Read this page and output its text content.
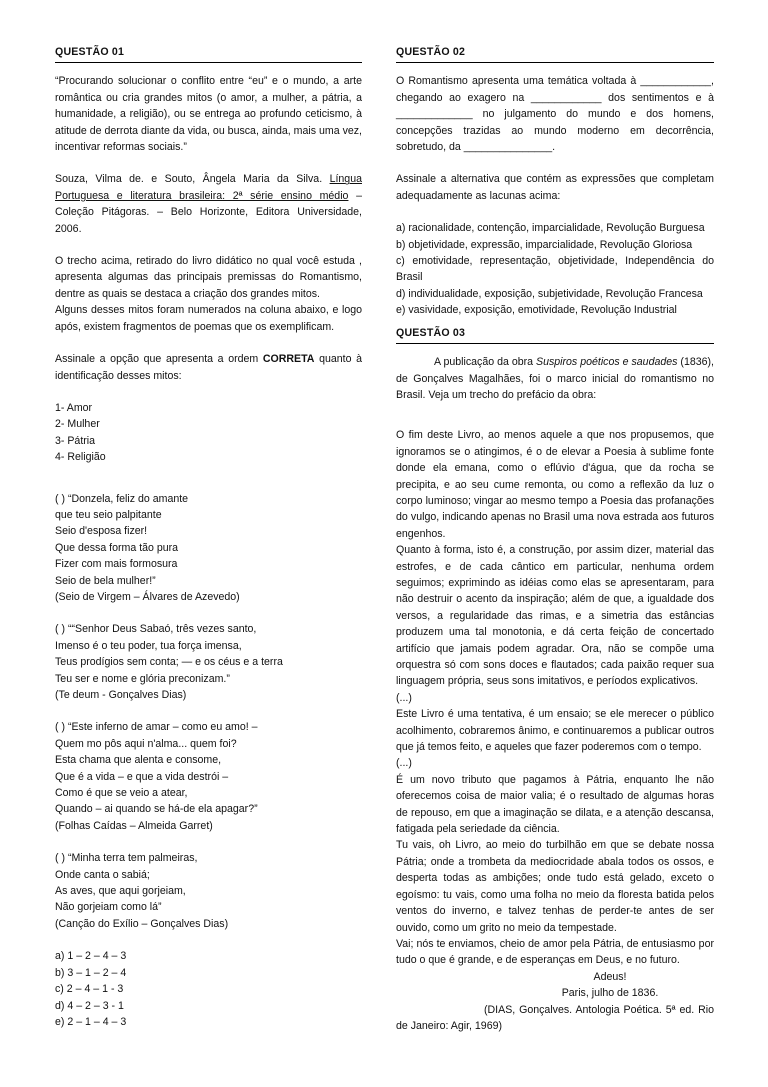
QUESTÃO 01

“Procurando solucionar o conflito entre “eu” e o mundo, a arte romântica ou cria grandes mitos (o amor, a mulher, a pátria, a humanidade, a religião), ou se entrega ao profundo ceticismo, à atitude de derrota diante da vida, ou busca, ainda, mais uma vez, incentivar reformas sociais.”

Souza, Vilma de. e Souto, Ângela Maria da Silva. Língua Portuguesa e literatura brasileira: 2ª série ensino médio – Coleção Pitágoras. – Belo Horizonte, Editora Universidade, 2006.

O trecho acima, retirado do livro didático no qual você estuda , apresenta algumas das principais premissas do Romantismo, dentre as quais se destaca a criação dos grandes mitos.

Alguns desses mitos foram numerados na coluna abaixo, e logo após, existem fragmentos de poemas que os exemplificam.

Assinale a opção que apresenta a ordem CORRETA quanto à identificação desses mitos:

1- Amor
2- Mulher
3- Pátria
4- Religião
( ) “Donzela, feliz do amante
que teu seio palpitante
Seio d'esposa fizer!
Que dessa forma tão pura
Fizer com mais formosura
Seio de bela mulher!”
(Seio de Virgem – Álvares de Azevedo)
( ) ““Senhor Deus Sabaó, três vezes santo,
Imenso é o teu poder, tua força imensa,
Teus prodígios sem conta; — e os céus e a terra
Teu ser e nome e glória preconizam.”
(Te deum - Gonçalves Dias)
( ) “Este inferno de amar – como eu amo! –
Quem mo pôs aqui n'alma... quem foi?
Esta chama que alenta e consome,
Que é a vida – e que a vida destrói –
Como é que se veio a atear,
Quando – ai quando se há-de ela apagar?”
(Folhas Caídas – Almeida Garret)
( ) “Minha terra tem palmeiras,
Onde canta o sabiá;
As aves, que aqui gorjeiam,
Não gorjeiam como lá”
(Canção do Exílio – Gonçalves Dias)
a) 1 – 2 – 4 – 3
b) 3 – 1 – 2 – 4
c) 2 – 4 – 1 - 3
d) 4 – 2 – 3 - 1
e) 2 – 1 – 4 – 3
QUESTÃO 02

O Romantismo apresenta uma temática voltada à ____________, chegando ao exagero na ____________ dos sentimentos e à _____________ no julgamento do mundo e dos homens, concepções trazidas ao mundo moderno em decorrência, sobretudo, da _______________.

Assinale a alternativa que contém as expressões que completam adequadamente as lacunas acima:

a) racionalidade, contenção, imparcialidade, Revolução Burguesa

b) objetividade, expressão, imparcialidade, Revolução Gloriosa

c) emotividade, representação, objetividade, Independência do Brasil

d) individualidade, exposição, subjetividade, Revolução Francesa

e) vasividade, exposição, emotividade, Revolução Industrial

QUESTÃO 03

A publicação da obra Suspiros poéticos e saudades (1836), de Gonçalves Magalhães, foi o marco inicial do romantismo no Brasil. Veja um trecho do prefácio da obra:

O fim deste Livro, ao menos aquele a que nos propusemos, que ignoramos se o atingimos, é o de elevar a Poesia à sublime fonte donde ela emana, como o eflúvio d'água, que da rocha se precipita, e ao seu cume remonta, ou como a reflexão da luz o corpo luminoso; vingar ao mesmo tempo a Poesia das profanações do vulgo, indicando apenas no Brasil uma nova estrada aos futuros engenhos.

Quanto à forma, isto é, a construção, por assim dizer, material das estrofes, e de cada cântico em particular, nenhuma ordem seguimos; exprimindo as idéias como elas se apresentaram, para não destruir o acento da inspiração; além de que, a igualdade dos versos, a regularidade das rimas, e a simetria das estâncias produzem uma tal monotonia, e dá certa feição de concertado artifício que jamais podem agradar. Ora, não se compõe uma orquestra só com sons doces e flautados; cada paixão requer sua linguagem própria, seus sons imitativos, e períodos explicativos.

(...)

Este Livro é uma tentativa, é um ensaio; se ele merecer o público acolhimento, cobraremos ânimo, e continuaremos a publicar outros que já temos feito, e aqueles que fazer poderemos com o tempo.

(...)

É um novo tributo que pagamos à Pátria, enquanto lhe não oferecemos coisa de maior valia; é o resultado de algumas horas de repouso, em que a imaginação se dilata, e a atenção descansa, fatigada pela seriedade da ciência.

Tu vais, oh Livro, ao meio do turbilhão em que se debate nossa Pátria; onde a trombeta da mediocridade abala todos os ossos, e desperta todas as ambições; onde tudo está gelado, exceto o egoísmo: tu vais, como uma folha no meio da floresta batida pelos ventos do inverno, e talvez tenhas de perder-te antes de ser ouvido, como um grito no meio da tempestade.

Vai; nós te enviamos, cheio de amor pela Pátria, de entusiasmo por tudo o que é grande, e de esperanças em Deus, e no futuro.

Adeus!

Paris, julho de 1836.

(DIAS, Gonçalves. Antologia Poética. 5ª ed. Rio de Janeiro: Agir, 1969)
